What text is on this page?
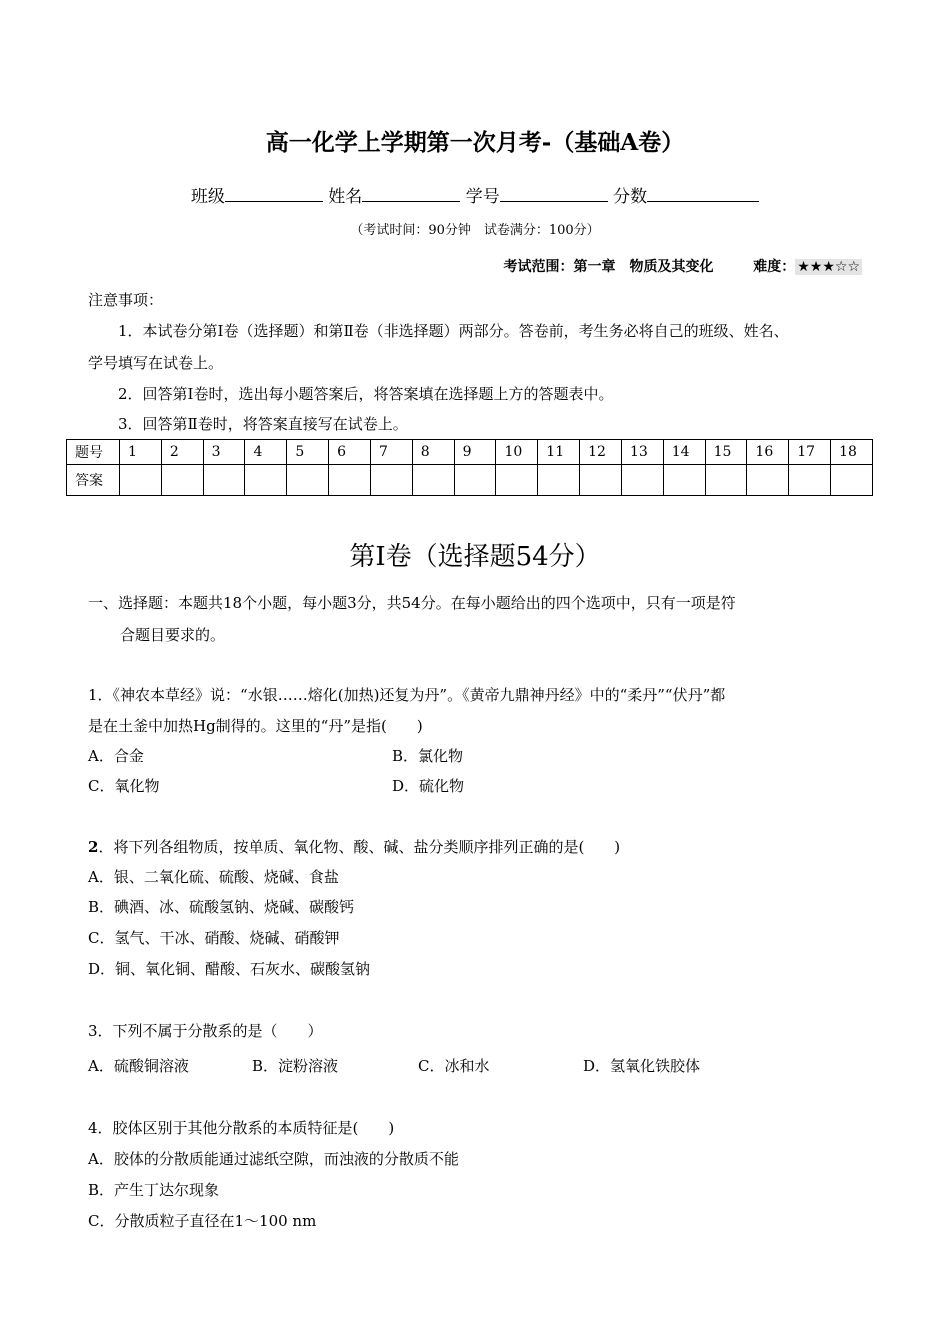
高一化学上学期第一次月考-（基础A卷）
班级	姓名	学号	分数
（考试时间：90分钟　试卷满分：100分）
考试范围：第一章　物质及其变化	难度： ★★★☆☆

注意事项：

1．本试卷分第Ⅰ卷（选择题）和第Ⅱ卷（非选择题）两部分。答卷前，考生务必将自己的班级、姓名、

学号填写在试卷上。

2．回答第Ⅰ卷时，选出每小题答案后，将答案填在选择题上方的答题表中。

3．回答第Ⅱ卷时，将答案直接写在试卷上。

题号	1	2	3	4	5	6	7	8	9	10	11	12	13	14	15	16	17	18
答案																		
第Ⅰ卷（选择题54分）

一、选择题：本题共18个小题，每小题3分，共54分。在每小题给出的四个选项中，只有一项是符

合题目要求的。

1．《神农本草经》说：“水银……熔化(加热)还复为丹”。《黄帝九鼎神丹经》中的“柔丹”“伏丹”都

是在土釜中加热Hg制得的。这里的“丹”是指(　　)

A．合金	B．氯化物

C．氧化物	D．硫化物

2．将下列各组物质，按单质、氧化物、酸、碱、盐分类顺序排列正确的是(　　)

A．银、二氧化硫、硫酸、烧碱、食盐

B．碘酒、冰、硫酸氢钠、烧碱、碳酸钙

C．氢气、干冰、硝酸、烧碱、硝酸钾

D．铜、氧化铜、醋酸、石灰水、碳酸氢钠

3．下列不属于分散系的是（　　）

A．硫酸铜溶液	B．淀粉溶液	C．冰和水	D．氢氧化铁胶体

4．胶体区别于其他分散系的本质特征是(　　)

A．胶体的分散质能通过滤纸空隙，而浊液的分散质不能

B．产生丁达尔现象

C．分散质粒子直径在1～100 nm
